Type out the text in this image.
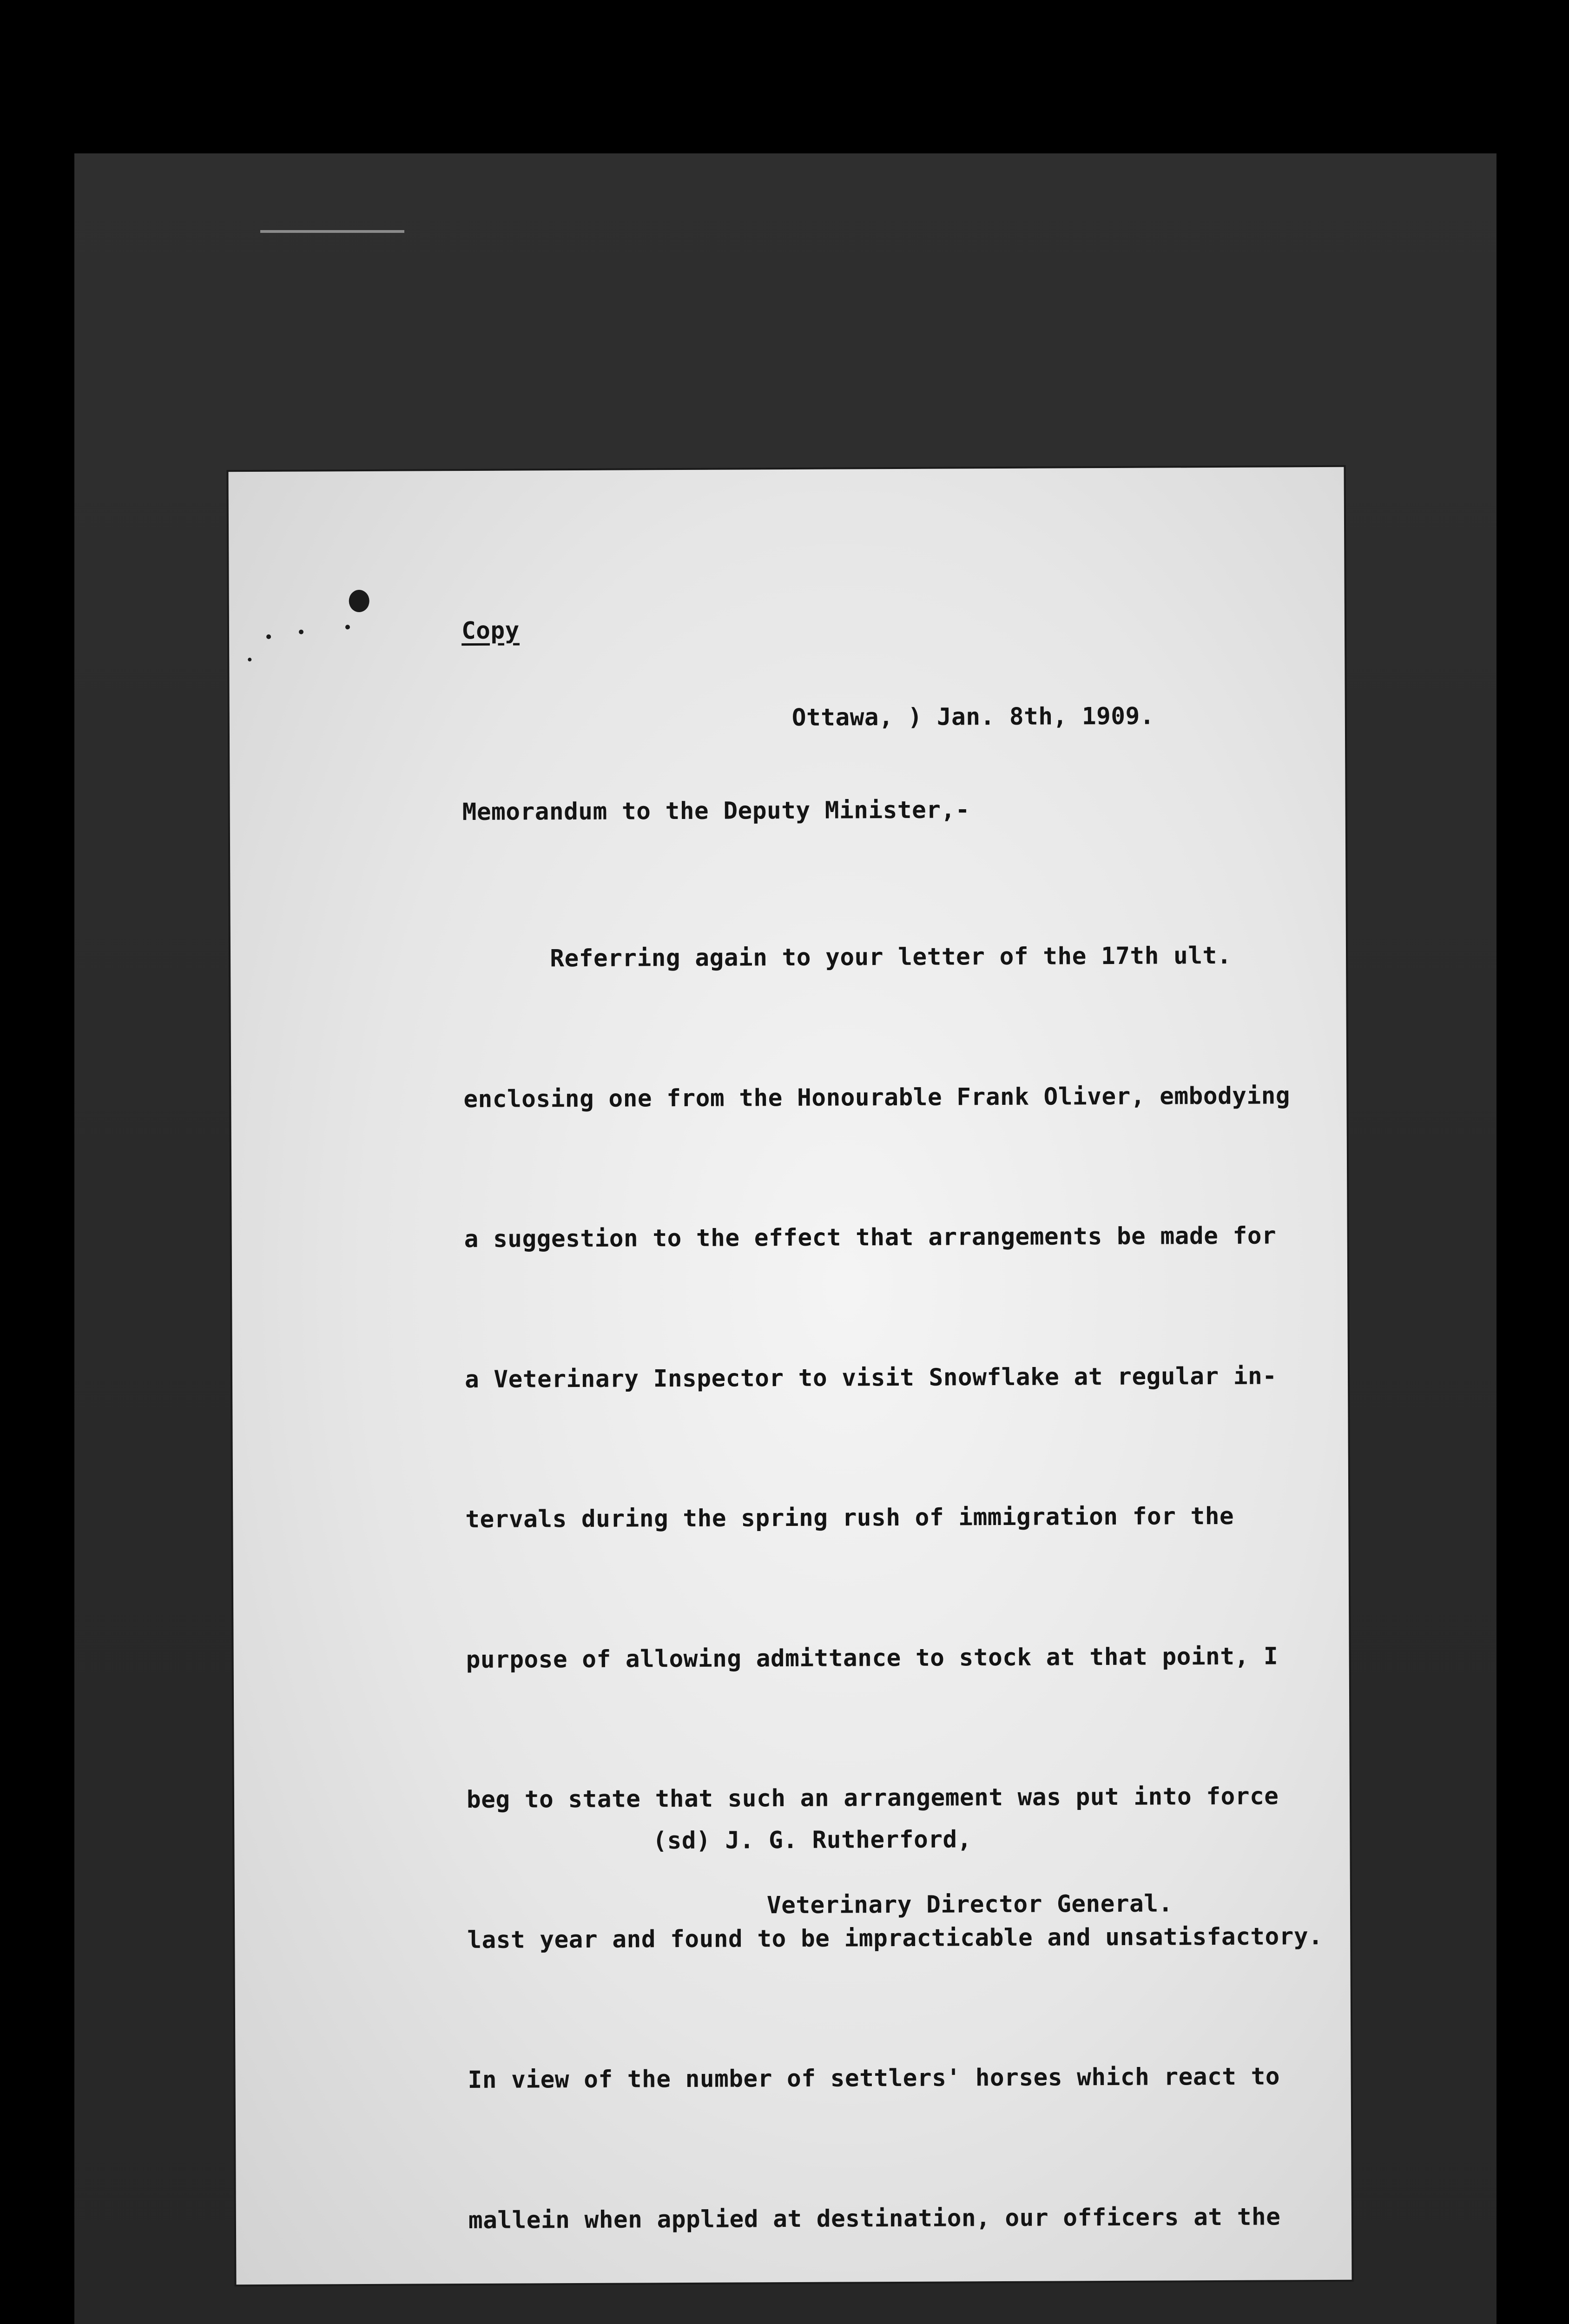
Copy
Ottawa, ) Jan. 8th, 1909.
Memorandum to the Deputy Minister,-

Referring again to your letter of the 17th ult.

enclosing one from the Honourable Frank Oliver, embodying

a suggestion to the effect that arrangements be made for

a Veterinary Inspector to visit Snowflake at regular in-

tervals during the spring rush of immigration for the

purpose of allowing admittance to stock at that point, I

beg to state that such an arrangement was put into force

last year and found to be impracticable and unsatisfactory.

In view of the number of settlers' horses which react to

mallein when applied at destination, our officers at the

(sd) J. G. Rutherford,
Veterinary Director General.
